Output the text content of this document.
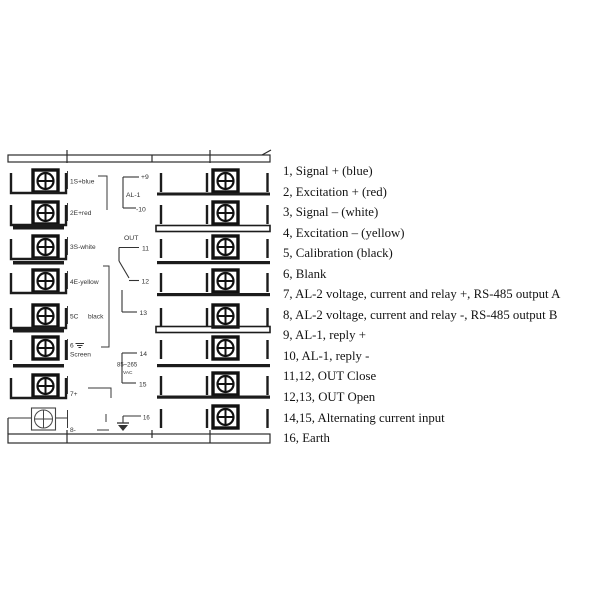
1S+blue
2E+red
3S-white
4E-yellow
5C black
6
Screen
7+
8-
+9
AL-1
-10
OUT
11
12
13
14
85~265
VAC
15
16
1, Signal + (blue)
2, Excitation + (red)
3, Signal – (white)
4, Excitation – (yellow)
5, Calibration (black)
6, Blank
7, AL-2 voltage, current and relay +, RS-485 output A
8, AL-2 voltage, current and relay -, RS-485 output B
9, AL-1, reply +
10, AL-1, reply -
11,12, OUT Close
12,13, OUT Open
14,15, Alternating current input
16, Earth
